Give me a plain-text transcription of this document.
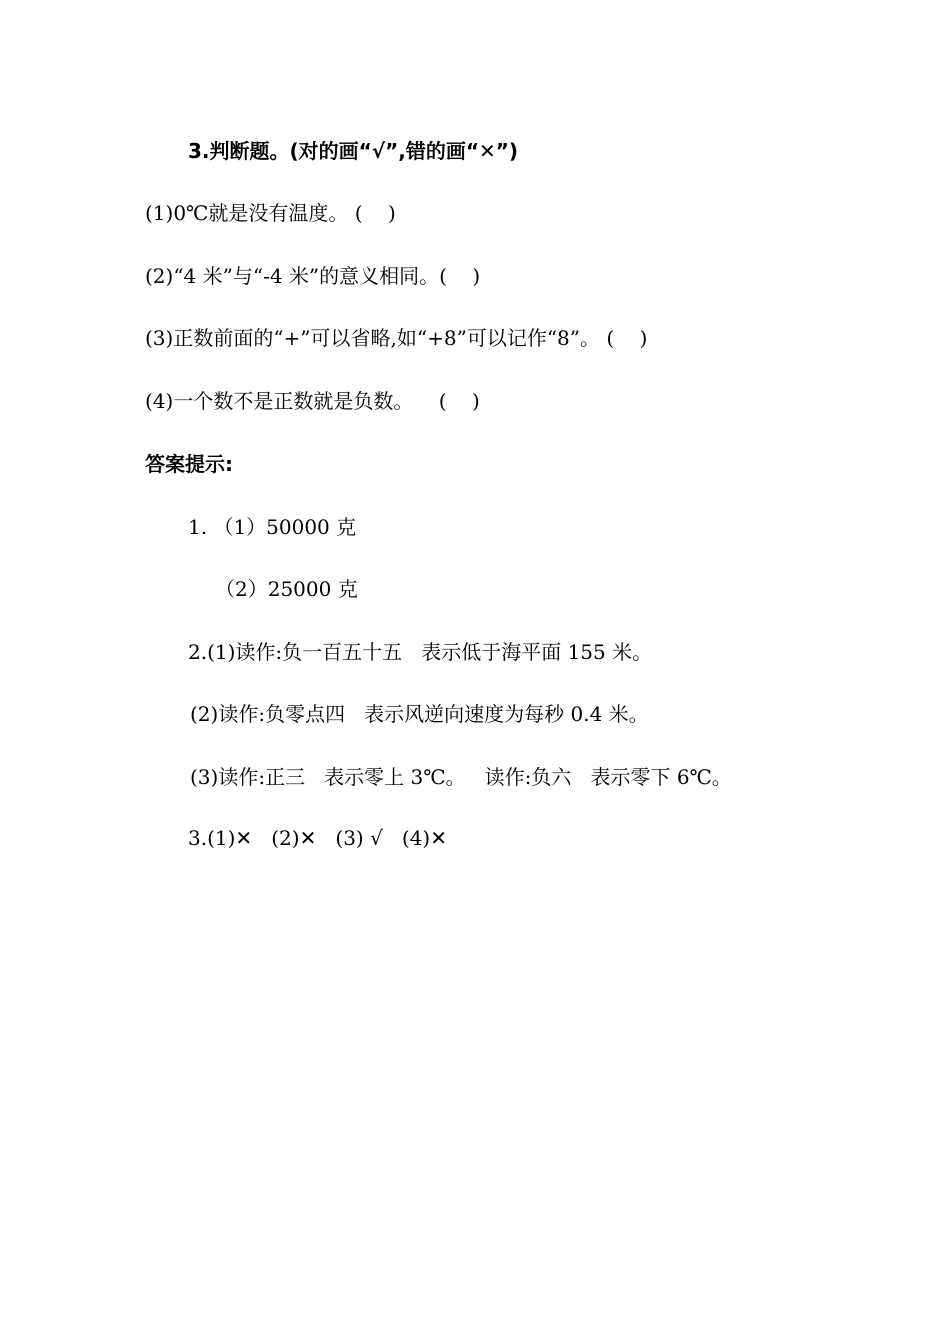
3.判断题。(对的画“√”,错的画“✕”)
(1)0℃就是没有温度。 (    )
(2)“4 米”与“-4 米”的意义相同。(    )
(3)正数前面的“+”可以省略,如“+8”可以记作“8”。 (    )
(4)一个数不是正数就是负数。    (    )
答案提示:
1. （1）50000 克
（2）25000 克
2.(1)读作:负一百五十五   表示低于海平面 155 米。
(2)读作:负零点四   表示风逆向速度为每秒 0.4 米。
(3)读作:正三   表示零上 3℃。   读作:负六   表示零下 6℃。
3.(1)✕   (2)✕   (3) √   (4)✕
